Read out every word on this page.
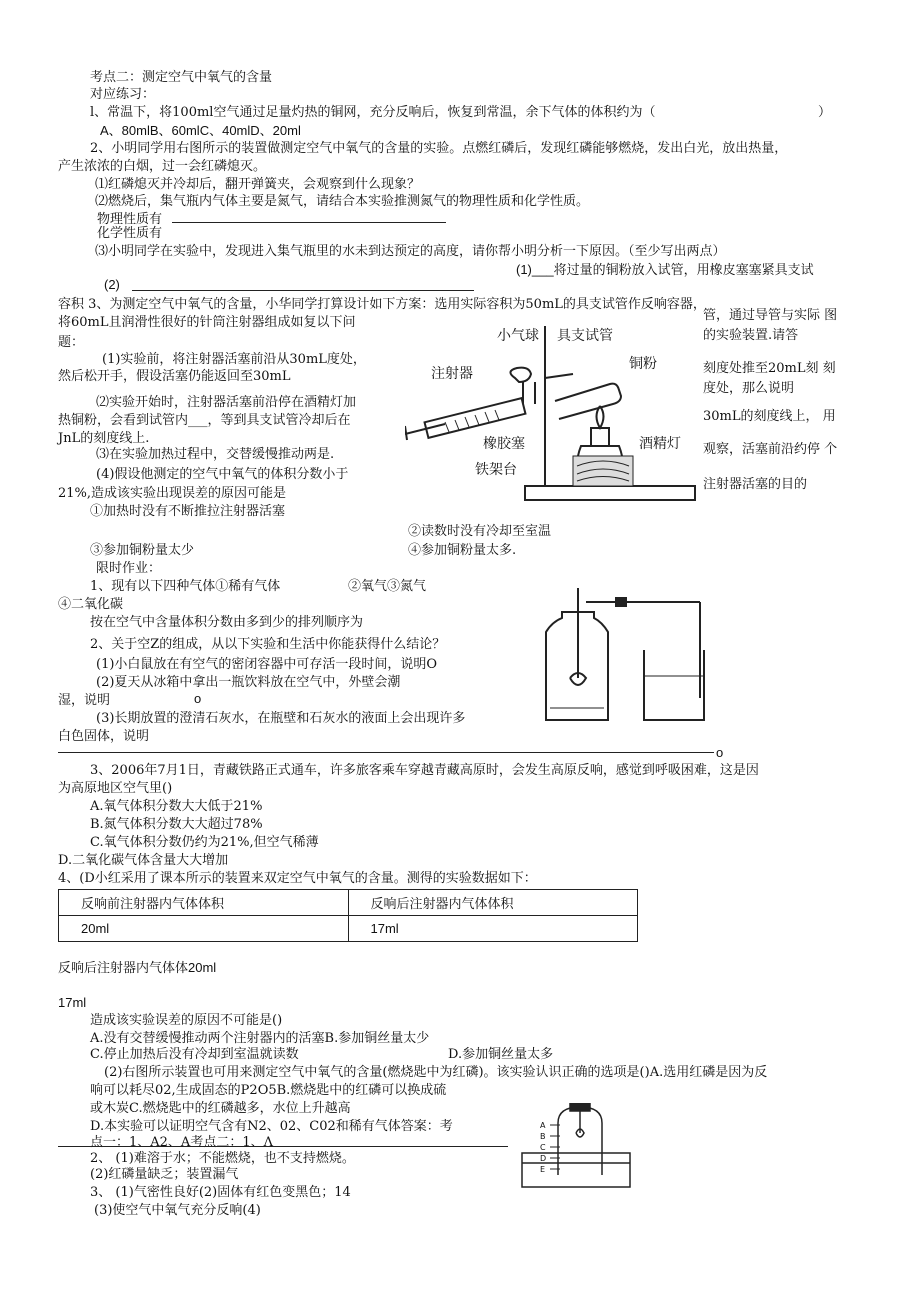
考点二：测定空气中氧气的含量
对应练习：
l、常温下，将100ml空气通过足量灼热的铜网，充分反响后，恢复到常温，余下气体的体积约为（	）
A、80mlB、60mlC、40mlD、20ml
2、小明同学用右图所示的装置做测定空气中氧气的含量的实验。点燃红磷后，发现红磷能够燃烧，发出白光，放出热量，
产生浓浓的白烟，过一会红磷熄灭。
⑴红磷熄灭并冷却后，翻开弹簧夹，会观察到什么现象？
⑵燃烧后，集气瓶内气体主要是氮气，请结合本实验推测氮气的物理性质和化学性质。
物理性质有
化学性质有
⑶小明同学在实验中，发现进入集气瓶里的水未到达预定的高度，请你帮小明分析一下原因。（至少写出两点）
(1)___将过量的铜粉放入试管，用橡皮塞塞紧具支试
(2)
容积 3、为测定空气中氧气的含量，小华同学打算设计如下方案：选用实际容积为50mL的具支试管作反响容器，
将60mL且润滑性很好的针筒注射器组成如复以下问	管，通过导管与实际 图
题：	的实验装置.请答
(1)实验前，将注射器活塞前沿从30mL度处，
刻度处推至20mL刻 刻
然后松开手，假设活塞仍能返回至30mL
度处，那么说明
⑵实验开始时，注射器活塞前沿停在酒精灯加
30mL的刻度线上， 用
热铜粉，会看到试管内___，等到具支试管冷却后在
JnL的刻度线上.
观察，活塞前沿约停 个
⑶在实验加热过程中，交替缓慢推动两是.
(4)假设他测定的空气中氧气的体积分数小于
注射器活塞的目的
21%,造成该实验出现误差的原因可能是
①加热时没有不断推拉注射器活塞
②读数时没有冷却至室温
③参加铜粉量太少	④参加铜粉量太多.
限时作业：
1、现有以下四种气体①稀有气体	②氧气③氮气
④二氧化碳
按在空气中含量体积分数由多到少的排列顺序为
2、关于空Z的组成，从以下实验和生活中你能获得什么结论？
(1)小白鼠放在有空气的密闭容器中可存活一段时间，说明O
(2)夏天从冰箱中拿出一瓶饮料放在空气中，外壁会潮
湿，说明	o
(3)长期放置的澄清石灰水，在瓶壁和石灰水的液面上会出现许多
白色固体，说明
o
3、2006年7月1日，青藏铁路正式通车，许多旅客乘车穿越青藏高原时，会发生高原反响，感觉到呼吸困难，这是因
为高原地区空气里()
A.氧气体积分数大大低于21%
B.氮气体积分数大大超过78%
C.氧气体积分数仍约为21%,但空气稀薄
D.二氧化碳气体含量大大增加
4、(D小红采用了课本所示的装置来双定空气中氧气的含量。测得的实验数据如下：
反响前注射器内气体体积	反响后注射器内气体体积
20ml	17ml
反响后注射器内气体体20ml
17ml
造成该实验误差的原因不可能是()
A.没有交替缓慢推动两个注射器内的活塞B.参加铜丝量太少
C.停止加热后没有冷却到室温就读数	D.参加铜丝量太多
(2)右图所示装置也可用来测定空气中氧气的含量(燃烧匙中为红磷)。该实验认识正确的选项是()A.选用红磷是因为反
响可以耗尽02,生成固态的P2O5B.燃烧匙中的红磷可以换成硫
或木炭C.燃烧匙中的红磷越多，水位上升越高
D.本实验可以证明空气含有N2、02、C02和稀有气体答案：考
点一：1、A2、A考点二：1、Λ
2、 (1)难溶于水；不能燃烧，也不支持燃烧。
(2)红磷量缺乏；装置漏气
3、 (1)气密性良好(2)固体有红色变黑色；14
(3)使空气中氧气充分反响(4)
小气球 具支试管
注射器
铜粉
橡胶塞	酒精灯
铁架台
A
B
C
D
E
